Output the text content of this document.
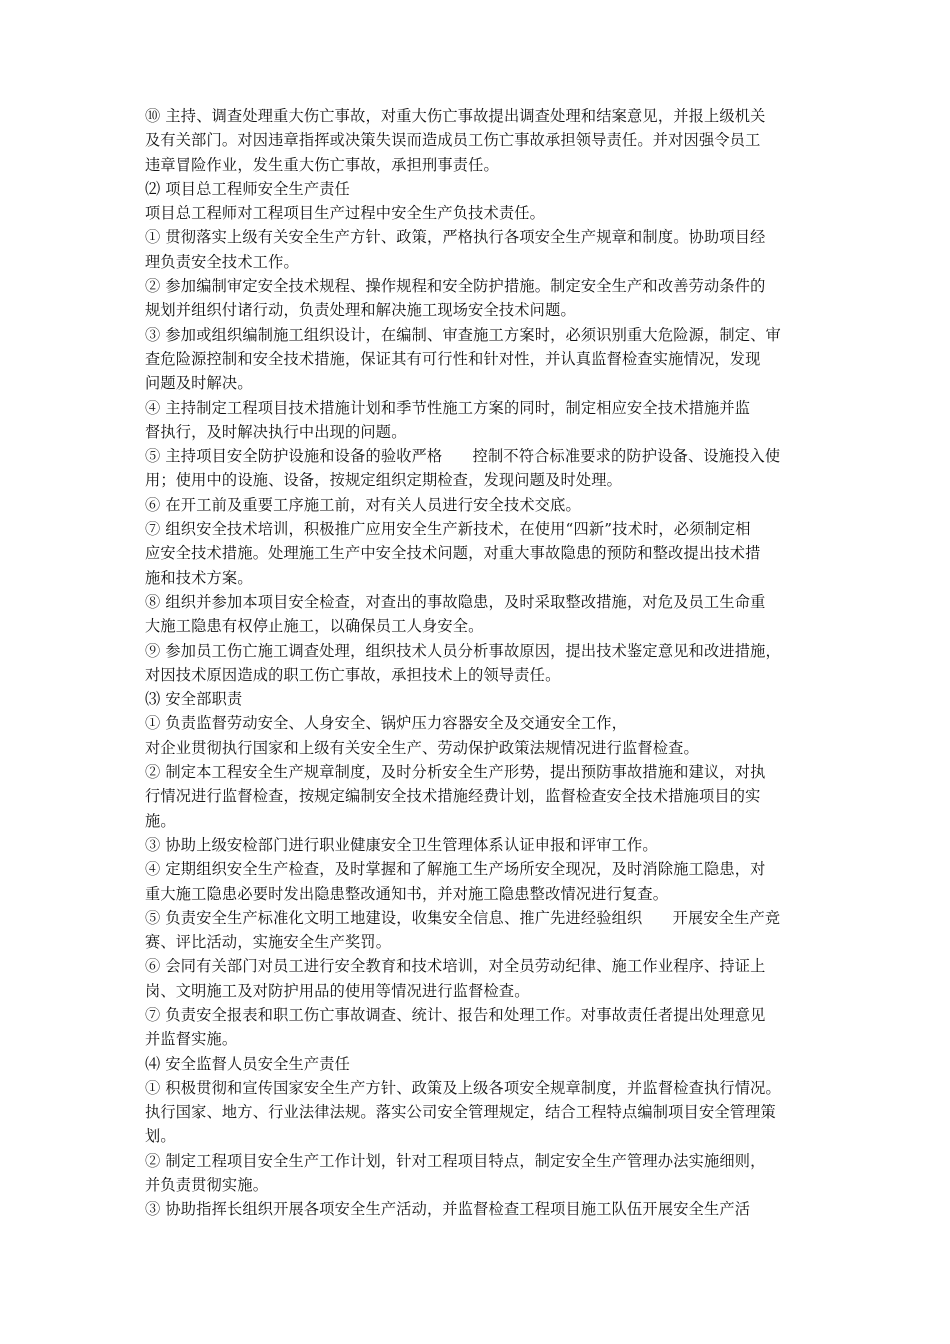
⑩ 主持、调查处理重大伤亡事故，对重大伤亡事故提出调查处理和结案意见，并报上级机关
及有关部门。对因违章指挥或决策失误而造成员工伤亡事故承担领导责任。并对因强令员工
违章冒险作业，发生重大伤亡事故，承担刑事责任。
⑵ 项目总工程师安全生产责任
项目总工程师对工程项目生产过程中安全生产负技术责任。
① 贯彻落实上级有关安全生产方针、政策，严格执行各项安全生产规章和制度。协助项目经
理负责安全技术工作。
② 参加编制审定安全技术规程、操作规程和安全防护措施。制定安全生产和改善劳动条件的
规划并组织付诸行动，负责处理和解决施工现场安全技术问题。
③ 参加或组织编制施工组织设计，在编制、审查施工方案时，必须识别重大危险源，制定、审
查危险源控制和安全技术措施，保证其有可行性和针对性，并认真监督检查实施情况，发现
问题及时解决。
④ 主持制定工程项目技术措施计划和季节性施工方案的同时，制定相应安全技术措施并监
督执行，及时解决执行中出现的问题。
⑤ 主持项目安全防护设施和设备的验收严格      控制不符合标准要求的防护设备、设施投入使
用；使用中的设施、设备，按规定组织定期检查，发现问题及时处理。
⑥ 在开工前及重要工序施工前，对有关人员进行安全技术交底。
⑦ 组织安全技术培训，积极推广应用安全生产新技术，在使用“四新”技术时，必须制定相
应安全技术措施。处理施工生产中安全技术问题，对重大事故隐患的预防和整改提出技术措
施和技术方案。
⑧ 组织并参加本项目安全检查，对查出的事故隐患，及时采取整改措施，对危及员工生命重
大施工隐患有权停止施工，以确保员工人身安全。
⑨ 参加员工伤亡施工调查处理，组织技术人员分析事故原因，提出技术鉴定意见和改进措施，
对因技术原因造成的职工伤亡事故，承担技术上的领导责任。
⑶ 安全部职责
① 负责监督劳动安全、人身安全、锅炉压力容器安全及交通安全工作，
对企业贯彻执行国家和上级有关安全生产、劳动保护政策法规情况进行监督检查。
② 制定本工程安全生产规章制度，及时分析安全生产形势，提出预防事故措施和建议，对执
行情况进行监督检查，按规定编制安全技术措施经费计划，监督检查安全技术措施项目的实
施。
③ 协助上级安检部门进行职业健康安全卫生管理体系认证申报和评审工作。
④ 定期组织安全生产检查，及时掌握和了解施工生产场所安全现况，及时消除施工隐患，对
重大施工隐患必要时发出隐患整改通知书，并对施工隐患整改情况进行复查。
⑤ 负责安全生产标准化文明工地建设，收集安全信息、推广先进经验组织      开展安全生产竞
赛、评比活动，实施安全生产奖罚。
⑥ 会同有关部门对员工进行安全教育和技术培训，对全员劳动纪律、施工作业程序、持证上
岗、文明施工及对防护用品的使用等情况进行监督检查。
⑦ 负责安全报表和职工伤亡事故调查、统计、报告和处理工作。对事故责任者提出处理意见
并监督实施。
⑷ 安全监督人员安全生产责任
① 积极贯彻和宣传国家安全生产方针、政策及上级各项安全规章制度，并监督检查执行情况。
执行国家、地方、行业法律法规。落实公司安全管理规定，结合工程特点编制项目安全管理策
划。
② 制定工程项目安全生产工作计划，针对工程项目特点，制定安全生产管理办法实施细则，
并负责贯彻实施。
③ 协助指挥长组织开展各项安全生产活动，并监督检查工程项目施工队伍开展安全生产活
